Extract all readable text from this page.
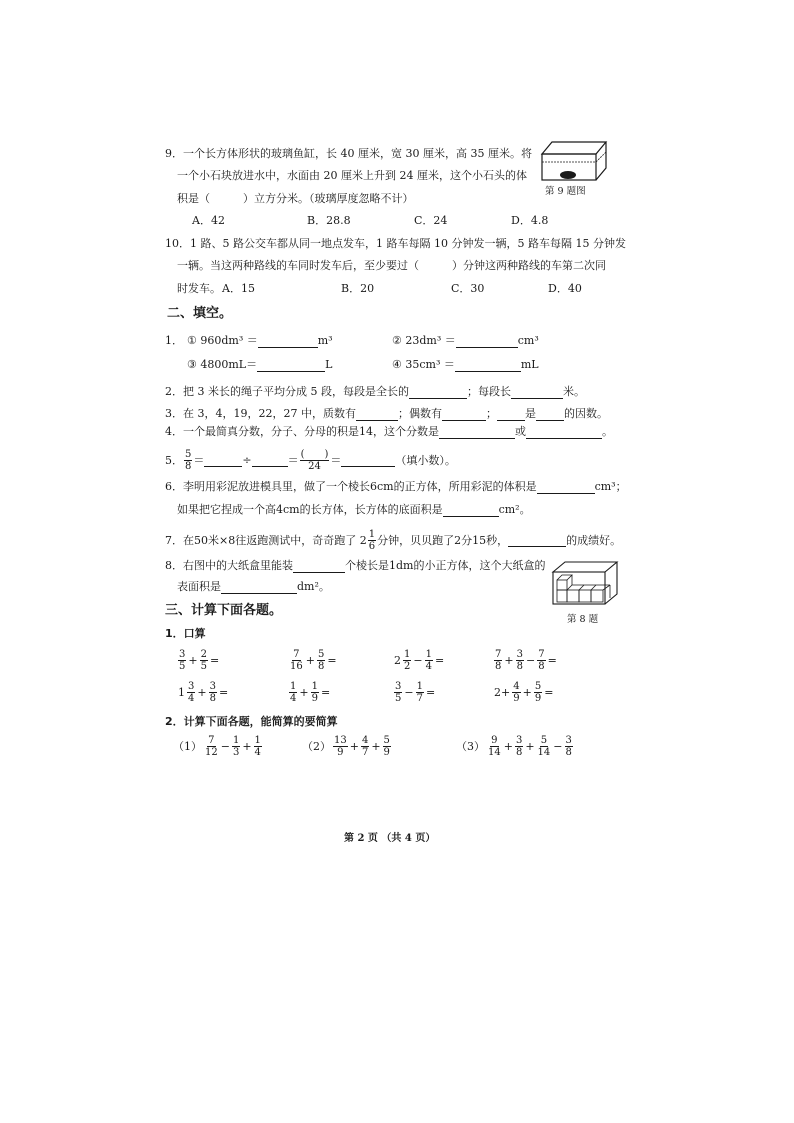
9．一个长方体形状的玻璃鱼缸，长 40 厘米，宽 30 厘米，高 35 厘米。将
一个小石块放进水中，水面由 20 厘米上升到 24 厘米，这个小石头的体
积是（　　　）立方分米。（玻璃厚度忽略不计）
A．42	B．28.8	C．24	D．4.8
第 9 题图
10．1 路、5 路公交车都从同一地点发车，1 路车每隔 10 分钟发一辆，5 路车每隔 15 分钟发
一辆。当这两种路线的车同时发车后，至少要过（　　　）分钟这两种路线的车第二次同
时发车。 A．15	B．20	C．30	D．40
二、填空。
1． ① 960dm³ ＝	m³	② 23dm³ ＝	cm³
③ 4800mL＝	L	④ 35cm³ ＝	mL
2．把 3 米长的绳子平均分成 5 段，每段是全长的	；每段长	米。
3．在 3，4，19，22，27 中，质数有	；偶数有	；	是	的因数。
4．一个最简真分数，分子、分母的积是14，这个分数是	或	。
5． $\frac{5}{8}$ ＝	÷	＝ $\frac{( )}{24}$ ＝	（填小数）。
6．李明用彩泥放进模具里，做了一个棱长6cm的正方体，所用彩泥的体积是	cm³；
如果把它捏成一个高4cm的长方体，长方体的底面积是	cm²。
7．在50米×8往返跑测试中，奇奇跑了 $2 \frac{1}{6}$ 分钟，贝贝跑了2分15秒，	的成绩好。
8．右图中的大纸盒里能装	个棱长是1dm的小正方体，这个大纸盒的
表面积是	dm²。
第 8 题
三、计算下面各题。
1．口算
$\frac{3}{5} + \frac{2}{5}$ =	$\frac{7}{16} + \frac{5}{8}$ =	$2 \frac{1}{2} - \frac{1}{4}$ =	$\frac{7}{8} + \frac{3}{8} - \frac{7}{8}$ =
$1 \frac{3}{4} + \frac{3}{8}$ =	$\frac{1}{4} + \frac{1}{9}$ =	$\frac{3}{5} - \frac{1}{7}$ =	$2+ \frac{4}{9} + \frac{5}{9}$ =
2．计算下面各题，能简算的要简算
$(1) \frac{7}{12} - \frac{1}{3} + \frac{1}{4}$	$(2) \frac{13}{9} + \frac{4}{7} + \frac{5}{9}$	$(3) \frac{9}{14} + \frac{3}{8} + \frac{5}{14} - \frac{3}{8}$
第 2 页 （共 4 页）
